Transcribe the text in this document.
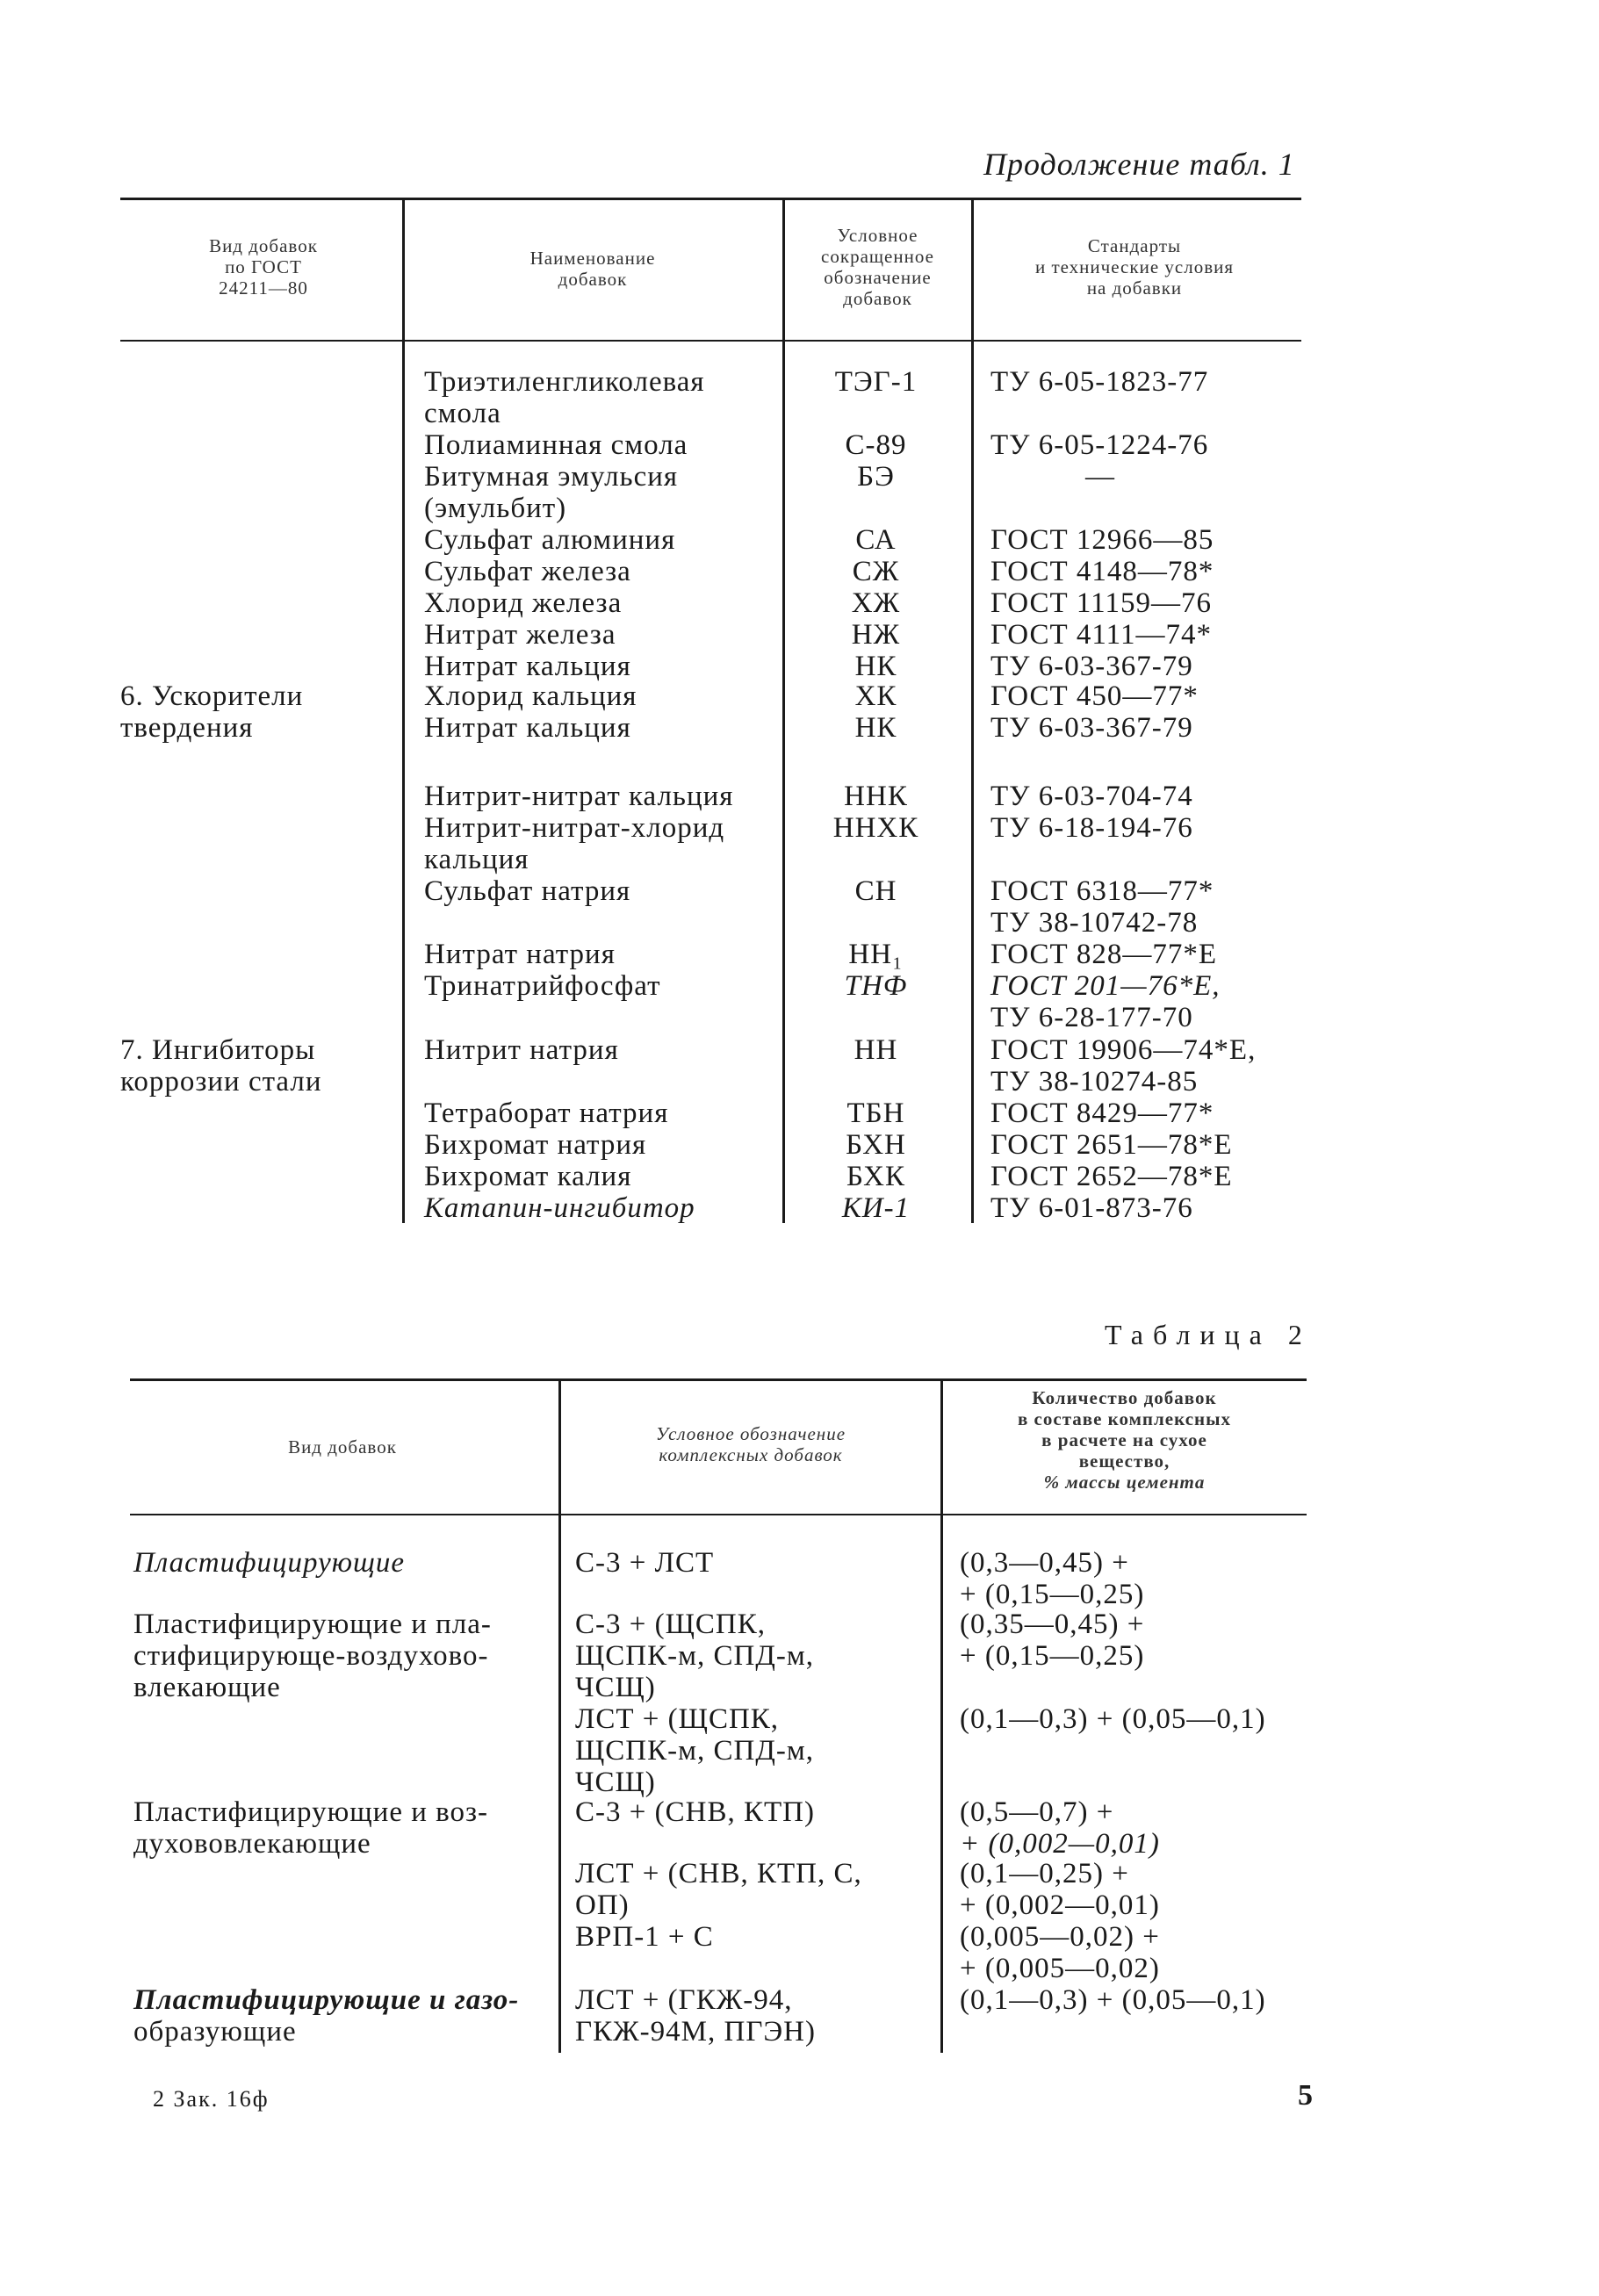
Продолжение табл. 1
Вид добавок
по ГОСТ
24211—80
Наименование
добавок
Условное
сокращенное
обозначение
добавок
Стандарты
и технические условия
на добавки
6. Ускорители
твердения
7. Ингибиторы
коррозии стали
Триэтиленгликолевая
смола
Полиаминная смола
Битумная эмульсия
(эмульбит)
Сульфат алюминия
Сульфат железа
Хлорид железа
Нитрат железа
Нитрат кальция
Хлорид кальция
Нитрат кальция
Нитрит-нитрат кальция
Нитрит-нитрат-хлорид
кальция
Сульфат натрия
Нитрат натрия
Тринатрийфосфат
Нитрит натрия
Тетраборат натрия
Бихромат натрия
Бихромат калия
Катапин-ингибитор
ТЭГ-1
С-89
БЭ
СА
СЖ
ХЖ
НЖ
НК
ХК
НК
ННК
ННХК
СН
НН₁
ТНФ
НН
ТБН
БХН
БХК
КИ-1
ТУ 6-05-1823-77
ТУ 6-05-1224-76
—
ГОСТ 12966—85
ГОСТ 4148—78*
ГОСТ 11159—76
ГОСТ 4111—74*
ТУ 6-03-367-79
ГОСТ 450—77*
ТУ 6-03-367-79
ТУ 6-03-704-74
ТУ 6-18-194-76
ГОСТ 6318—77*
ТУ 38-10742-78
ГОСТ 828—77*Е
ГОСТ 201—76*Е,
ТУ 6-28-177-70
ГОСТ 19906—74*Е,
ТУ 38-10274-85
ГОСТ 8429—77*
ГОСТ 2651—78*Е
ГОСТ 2652—78*Е
ТУ 6-01-873-76
Таблица 2
Вид добавок
Условное обозначение
комплексных добавок
Количество добавок
в составе комплексных
в расчете на сухое
вещество,
% массы цемента
Пластифицирующие
Пластифицирующие и пла-
стифицирующе-воздухово-
влекающие
Пластифицирующие и воз-
духововлекающие
Пластифицирующие и газо-
образующие
С-3 + ЛСТ
С-3 + (ЩСПК,
ЩСПК-м, СПД-м,
ЧСЩ)
ЛСТ + (ЩСПК,
ЩСПК-м, СПД-м,
ЧСЩ)
С-3 + (СНВ, КТП)
ЛСТ + (СНВ, КТП, С,
ОП)
ВРП-1 + С
ЛСТ + (ГКЖ-94,
ГКЖ-94М, ПГЭН)
(0,3—0,45) +
+ (0,15—0,25)
(0,35—0,45) +
+ (0,15—0,25)
(0,1—0,3) + (0,05—0,1)
(0,5—0,7) +
+ (0,002—0,01)
(0,1—0,25) +
+ (0,002—0,01)
(0,005—0,02) +
+ (0,005—0,02)
(0,1—0,3) + (0,05—0,1)
2 Зак. 16ф	5
